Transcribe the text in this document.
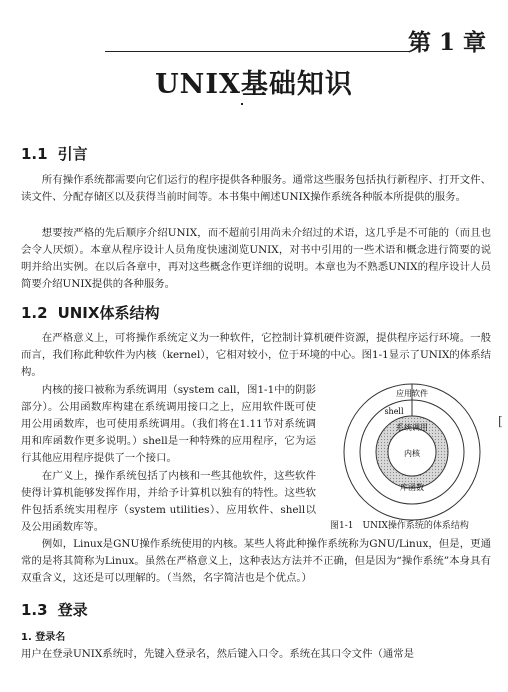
第 1 章
UNIX基础知识
1.1 引言
所有操作系统都需要向它们运行的程序提供各种服务。通常这些服务包括执行新程序、打开文件、读文件、分配存储区以及获得当前时间等。本书集中阐述UNIX操作系统各种版本所提供的服务。
想要按严格的先后顺序介绍UNIX，而不超前引用尚未介绍过的术语，这几乎是不可能的（而且也会令人厌烦）。本章从程序设计人员角度快速浏览UNIX，对书中引用的一些术语和概念进行简要的说明并给出实例。在以后各章中，再对这些概念作更详细的说明。本章也为不熟悉UNIX的程序设计人员简要介绍UNIX提供的各种服务。
1.2 UNIX体系结构
在严格意义上，可将操作系统定义为一种软件，它控制计算机硬件资源，提供程序运行环境。一般而言，我们称此种软件为内核（kernel），它相对较小，位于环境的中心。图1-1显示了UNIX的体系结构。
内核的接口被称为系统调用（system call，图1-1中的阴影部分）。公用函数库构建在系统调用接口之上，应用软件既可使用公用函数库，也可使用系统调用。（我们将在1.11节对系统调用和库函数作更多说明。）shell是一种特殊的应用程序，它为运行其他应用程序提供了一个接口。
在广义上，操作系统包括了内核和一些其他软件，这些软件使得计算机能够发挥作用，并给予计算机以独有的特性。这些软件包括系统实用程序（system utilities）、应用软件、shell以及公用函数库等。
例如，Linux是GNU操作系统使用的内核。某些人将此种操作系统称为GNU/Linux，但是，更通常的是将其简称为Linux。虽然在严格意义上，这种表达方法并不正确，但是因为“操作系统”本身具有双重含义，这还是可以理解的。（当然，名字简洁也是个优点。）
应用软件
shell
系统调用
内核
库函数
图1-1　UNIX操作系统的体系结构
[
1.3 登录
1. 登录名
用户在登录UNIX系统时，先键入登录名，然后键入口令。系统在其口令文件（通常是
